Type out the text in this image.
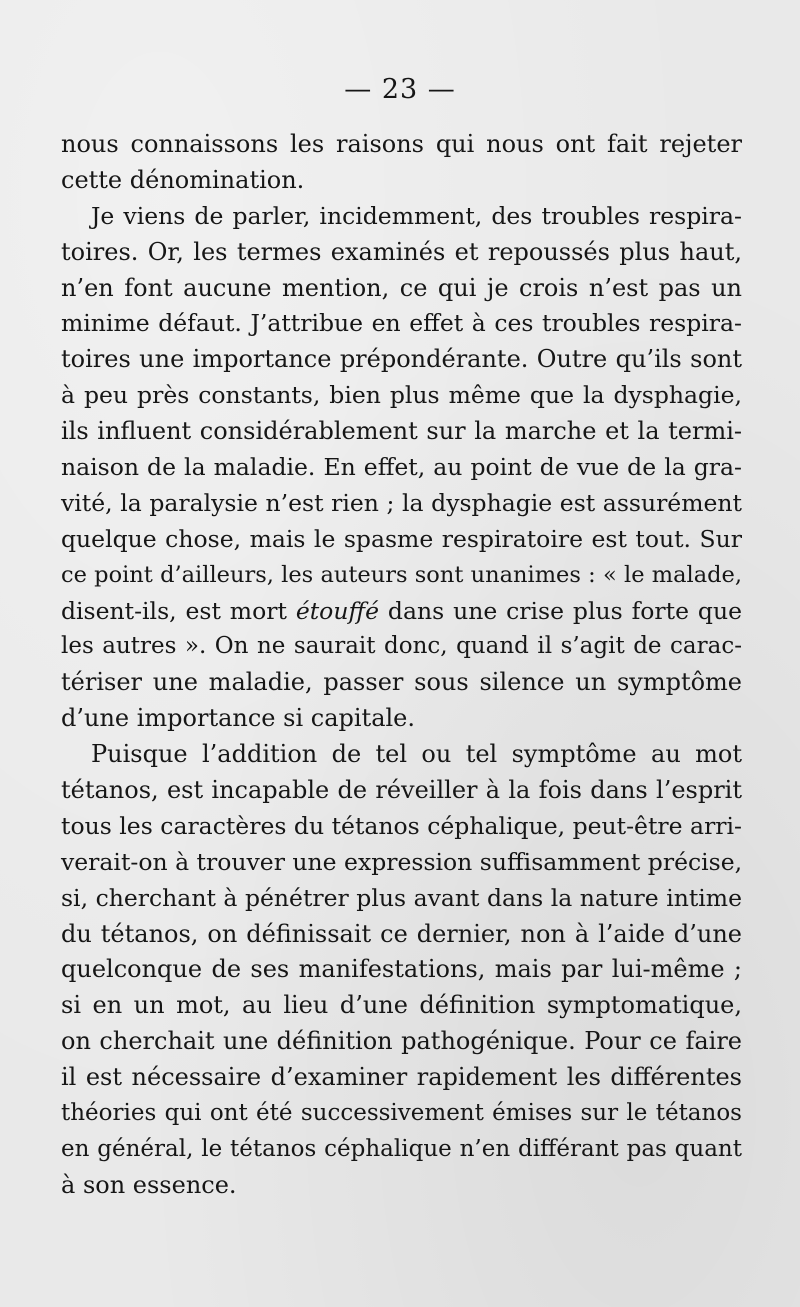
— 23 —

nous connaissons les raisons qui nous ont fait rejeter
cette dénomination.
Je viens de parler, incidemment, des troubles respira-
toires. Or, les termes examinés et repoussés plus haut,
n’en font aucune mention, ce qui je crois n’est pas un
minime défaut. J’attribue en effet à ces troubles respira-
toires une importance prépondérante. Outre qu’ils sont
à peu près constants, bien plus même que la dysphagie,
ils influent considérablement sur la marche et la termi-
naison de la maladie. En effet, au point de vue de la gra-
vité, la paralysie n’est rien ; la dysphagie est assurément
quelque chose, mais le spasme respiratoire est tout. Sur
ce point d’ailleurs, les auteurs sont unanimes : « le malade,
disent-ils, est mort étouffé dans une crise plus forte que
les autres ». On ne saurait donc, quand il s’agit de carac-
tériser une maladie, passer sous silence un symptôme
d’une importance si capitale.
Puisque l’addition de tel ou tel symptôme au mot
tétanos, est incapable de réveiller à la fois dans l’esprit
tous les caractères du tétanos céphalique, peut-être arri-
verait-on à trouver une expression suffisamment précise,
si, cherchant à pénétrer plus avant dans la nature intime
du tétanos, on définissait ce dernier, non à l’aide d’une
quelconque de ses manifestations, mais par lui-même ;
si en un mot, au lieu d’une définition symptomatique,
on cherchait une définition pathogénique. Pour ce faire
il est nécessaire d’examiner rapidement les différentes
théories qui ont été successivement émises sur le tétanos
en général, le tétanos céphalique n’en différant pas quant
à son essence.
